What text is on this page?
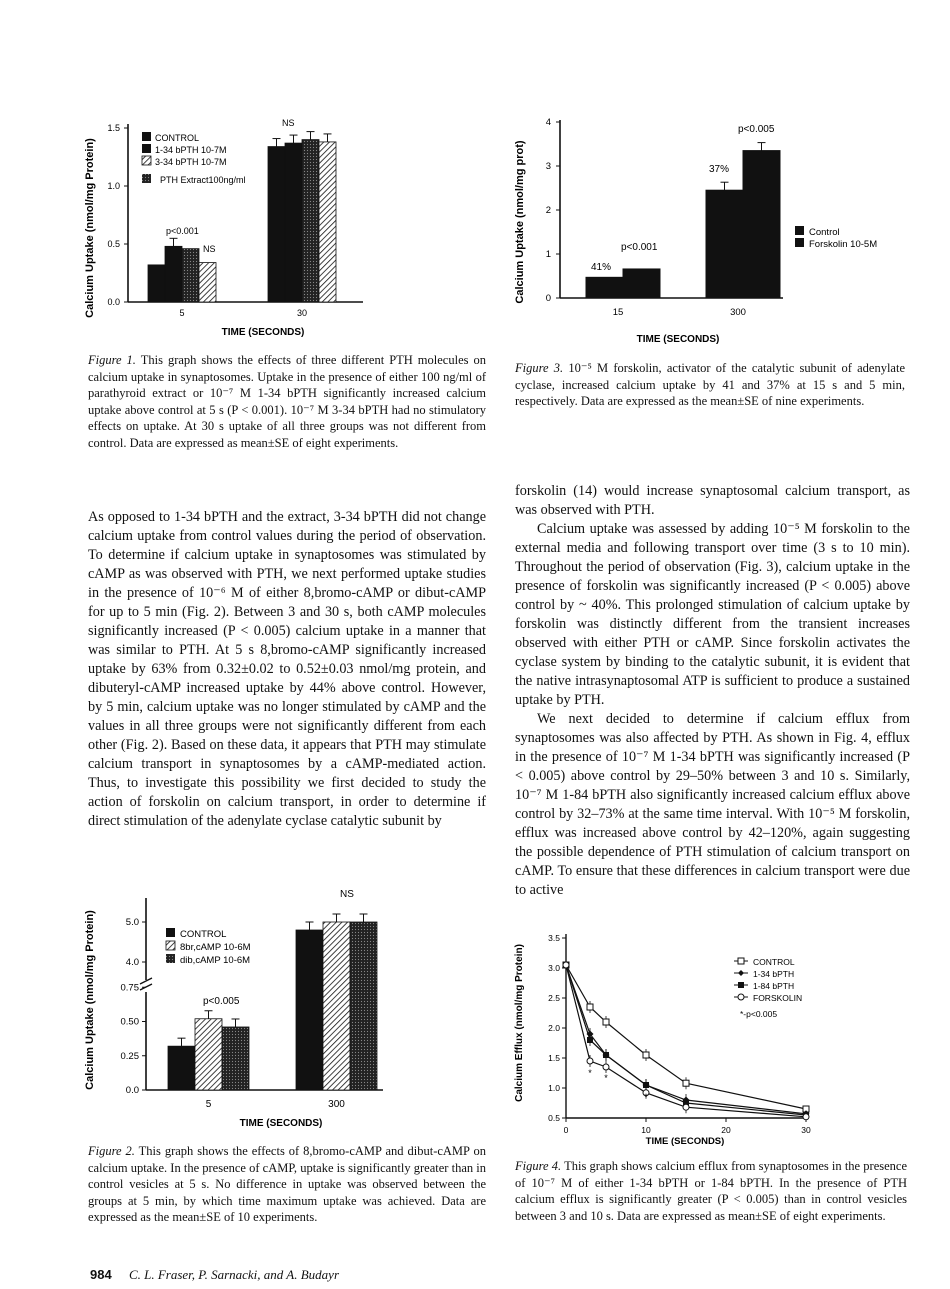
Calcium Uptake (nmol/mg Protein) 0.0
0.5
1.0
1.5
5	30
TIME (SECONDS)
CONTROL
1-34 bPTH 10-7M
3-34 bPTH 10-7M
PTH Extract100ng/ml
p<0.001
NS
NS
Figure 1. This graph shows the effects of three different PTH molecules on calcium uptake in synaptosomes. Uptake in the presence of either 100 ng/ml of parathyroid extract or 10⁻⁷ M 1-34 bPTH significantly increased calcium uptake above control at 5 s (P < 0.001). 10⁻⁷ M 3-34 bPTH had no stimulatory effects on uptake. At 30 s uptake of all three groups was not different from control. Data are expressed as mean±SE of eight experiments.
Calcium Uptake (nmol/mg prot) 0
1
2
3
4
15	300
TIME (SECONDS)
Control
Forskolin 10-5M
p<0.001
41%
p<0.005
37%
Figure 3. 10⁻⁵ M forskolin, activator of the catalytic subunit of adenylate cyclase, increased calcium uptake by 41 and 37% at 15 s and 5 min, respectively. Data are expressed as the mean±SE of nine experiments.

As opposed to 1-34 bPTH and the extract, 3-34 bPTH did not change calcium uptake from control values during the period of observation. To determine if calcium uptake in synaptosomes was stimulated by cAMP as was observed with PTH, we next performed uptake studies in the presence of 10⁻⁶ M of either 8,bromo-cAMP or dibut-cAMP for up to 5 min (Fig. 2). Between 3 and 30 s, both cAMP molecules significantly increased (P < 0.005) calcium uptake in a manner that was similar to PTH. At 5 s 8,bromo-cAMP significantly increased uptake by 63% from 0.32±0.02 to 0.52±0.03 nmol/mg protein, and dibuteryl-cAMP increased uptake by 44% above control. However, by 5 min, calcium uptake was no longer stimulated by cAMP and the values in all three groups were not significantly different from each other (Fig. 2). Based on these data, it appears that PTH may stimulate calcium transport in synaptosomes by a cAMP-mediated action. Thus, to investigate this possibility we first decided to study the action of forskolin on calcium transport, in order to determine if direct stimulation of the adenylate cyclase catalytic subunit by

forskolin (14) would increase synaptosomal calcium transport, as was observed with PTH.

Calcium uptake was assessed by adding 10⁻⁵ M forskolin to the external media and following transport over time (3 s to 10 min). Throughout the period of observation (Fig. 3), calcium uptake in the presence of forskolin was significantly increased (P < 0.005) above control by ~ 40%. This prolonged stimulation of calcium uptake by forskolin was distinctly different from the transient increases observed with either PTH or cAMP. Since forskolin activates the cyclase system by binding to the catalytic subunit, it is evident that the native intrasynaptosomal ATP is sufficient to produce a sustained uptake by PTH.

We next decided to determine if calcium efflux from synaptosomes was also affected by PTH. As shown in Fig. 4, efflux in the presence of 10⁻⁷ M 1-34 bPTH was significantly increased (P < 0.005) above control by 29–50% between 3 and 10 s. Similarly, 10⁻⁷ M 1-84 bPTH also significantly increased calcium efflux above control by 32–73% at the same time interval. With 10⁻⁵ M forskolin, efflux was increased above control by 42–120%, again suggesting the possible dependence of PTH stimulation of calcium transport on cAMP. To ensure that these differences in calcium transport were due to active

Calcium Uptake (nmol/mg Protein)
0.0
0.25
0.50
0.75
4.0
5.0
5	300
TIME (SECONDS)
CONTROL
8br,cAMP 10-6M
dib,cAMP 10-6M
p<0.005
NS
Figure 2. This graph shows the effects of 8,bromo-cAMP and dibut-cAMP on calcium uptake. In the presence of cAMP, uptake is significantly greater than in control vesicles at 5 s. No difference in uptake was observed between the groups at 5 min, by which time maximum uptake was achieved. Data are expressed as the mean±SE of 10 experiments.
Calcium Efflux (nmol/mg Protein)
0.5
1.0
1.5
2.0
2.5
3.0
3.5
0	10	20	30
* *
*
TIME (SECONDS)
CONTROL
1-34 bPTH
1-84 bPTH
FORSKOLIN
*-p<0.005
Figure 4. This graph shows calcium efflux from synaptosomes in the presence of 10⁻⁷ M of either 1-34 bPTH or 1-84 bPTH. In the presence of PTH calcium efflux is significantly greater (P < 0.005) than in control vesicles between 3 and 10 s. Data are expressed as mean±SE of eight experiments.
984 C. L. Fraser, P. Sarnacki, and A. Budayr
